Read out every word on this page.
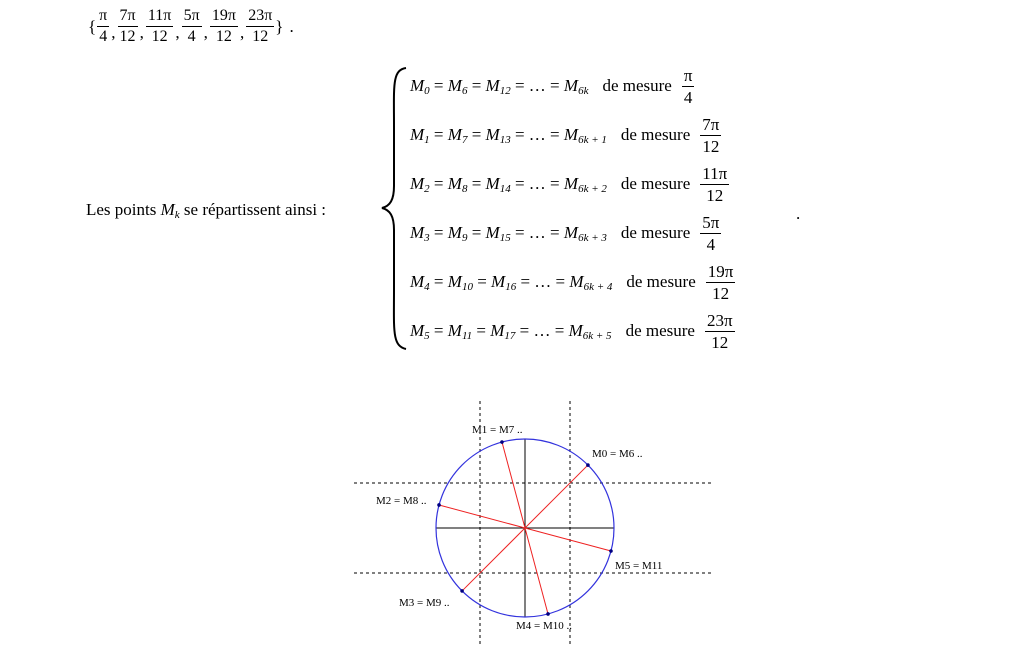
{ $\frac{\pi}{4}$ , $\frac{7\pi}{12}$ , $\frac{11\pi}{12}$ , $\frac{5\pi}{4}$ , $\frac{19\pi}{12}$ , $\frac{23\pi}{12}$ } .
Les points $M_k$ se répartissent ainsi :
M0 = M6 = M12 = … = M6k de mesure $\frac{\pi}{4}$
M1 = M7 = M13 = … = M6k + 1 de mesure $\frac{7\pi}{12}$
M2 = M8 = M14 = … = M6k + 2 de mesure $\frac{11\pi}{12}$
M3 = M9 = M15 = … = M6k + 3 de mesure $\frac{5\pi}{4}$
M4 = M10 = M16 = … = M6k + 4 de mesure $\frac{19\pi}{12}$
M5 = M11 = M17 = … = M6k + 5 de mesure $\frac{23\pi}{12}$
.
M0 = M6 ..
M1 = M7 ..
M2 = M8 ..
M3 = M9 ..
M4 = M10 ..
M5 = M11
